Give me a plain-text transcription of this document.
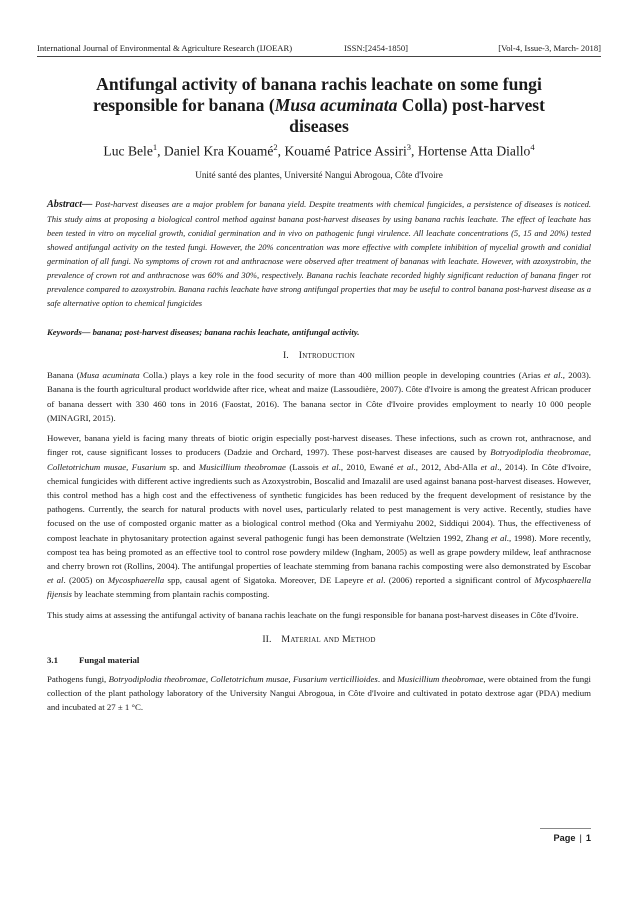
International Journal of Environmental & Agriculture Research (IJOEAR)	ISSN:[2454-1850]	[Vol-4, Issue-3, March- 2018]
Antifungal activity of banana rachis leachate on some fungi
responsible for banana (Musa acuminata Colla) post-harvest
diseases
Luc Bele$^1$, Daniel Kra Kouamé$^2$, Kouamé Patrice Assiri$^3$, Hortense Atta Diallo$^4$
Unité santé des plantes, Université Nangui Abrogoua, Côte d'Ivoire
Abstract— Post-harvest diseases are a major problem for banana yield. Despite treatments with chemical fungicides, a persistence of diseases is noticed. This study aims at proposing a biological control method against banana post-harvest diseases by using banana rachis leachate. The effect of leachate has been tested in vitro on mycelial growth, conidial germination and in vivo on pathogenic fungi virulence. All leachate concentrations (5, 15 and 20%) tested showed antifungal activity on the tested fungi. However, the 20% concentration was more effective with complete inhibition of mycelial growth and conidial germination of all fungi. No symptoms of crown rot and anthracnose were observed after treatment of bananas with leachate. However, with azoxystrobin, the prevalence of crown rot and anthracnose was 60% and 30%, respectively. Banana rachis leachate recorded highly significant reduction of banana finger rot prevalence compared to azoxystrobin. Banana rachis leachate have strong antifungal properties that may be useful to control banana post-harvest disease as a safe alternative option to chemical fungicides
Keywords— banana; post-harvest diseases; banana rachis leachate, antifungal activity.
I. Introduction

Banana (Musa acuminata Colla.) plays a key role in the food security of more than 400 million people in developing countries (Arias et al., 2003). Banana is the fourth agricultural product worldwide after rice, wheat and maize (Lassoudière, 2007). Côte d'Ivoire is among the greatest African producer of banana dessert with 330 460 tons in 2016 (Faostat, 2016). The banana sector in Côte d'Ivoire provides employment to nearly 10 000 people (MINAGRI, 2015).

However, banana yield is facing many threats of biotic origin especially post-harvest diseases. These infections, such as crown rot, anthracnose, and finger rot, cause significant losses to producers (Dadzie and Orchard, 1997). These post-harvest diseases are caused by Botryodiplodia theobromae, Colletotrichum musae, Fusarium sp. and Musicillium theobromae (Lassois et al., 2010, Ewané et al., 2012, Abd-Alla et al., 2014). In Côte d'Ivoire, chemical fungicides with different active ingredients such as Azoxystrobin, Boscalid and Imazalil are used against banana post-harvest diseases. However, this control method has a high cost and the effectiveness of synthetic fungicides has been reduced by the frequent development of resistance by the pathogens. Currently, the search for natural products with novel uses, particularly related to pest management is very active. Recently, studies have focused on the use of composted organic matter as a biological control method (Oka and Yermiyahu 2002, Siddiqui 2004). Thus, the effectiveness of compost leachate in phytosanitary protection against several pathogenic fungi has been demonstrate (Weltzien 1992, Zhang et al., 1998). More recently, compost tea has being promoted as an effective tool to control rose powdery mildew (Ingham, 2005) as well as grape powdery mildew, leaf anthracnose and cherry brown rot (Rollins, 2004). The antifungal properties of leachate stemming from banana rachis composting were also demonstrated by Escobar et al. (2005) on Mycosphaerella spp, causal agent of Sigatoka. Moreover, DE Lapeyre et al. (2006) reported a significant control of Mycosphaerella fijensis by leachate stemming from plantain rachis composting.

This study aims at assessing the antifungal activity of banana rachis leachate on the fungi responsible for banana post-harvest diseases in Côte d'Ivoire.

II. Material and Method
3.1 Fungal material

Pathogens fungi, Botryodiplodia theobromae, Colletotrichum musae, Fusarium verticillioides. and Musicillium theobromae, were obtained from the fungi collection of the plant pathology laboratory of the University Nangui Abrogoua, in Côte d'Ivoire and cultivated in potato dextrose agar (PDA) medium and incubated at 27 ± 1 °C.

Page | 1
